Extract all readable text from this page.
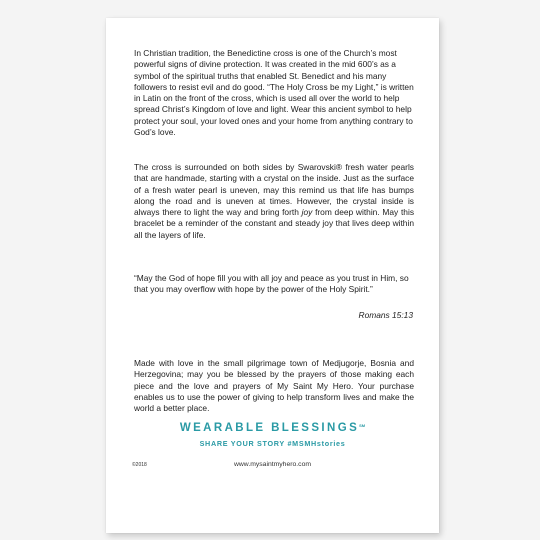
In Christian tradition, the Benedictine cross is one of the Church’s most powerful signs of divine protection. It was created in the mid 600’s as a symbol of the spiritual truths that enabled St. Benedict and his many followers to resist evil and do good. “The Holy Cross be my Light,” is written in Latin on the front of the cross, which is used all over the world to help spread Christ’s Kingdom of love and light. Wear this ancient symbol to help protect your soul, your loved ones and your home from anything contrary to God’s love.

The cross is surrounded on both sides by Swarovski® fresh water pearls that are handmade, starting with a crystal on the inside. Just as the surface of a fresh water pearl is uneven, may this remind us that life has bumps along the road and is uneven at times. However, the crystal inside is always there to light the way and bring forth joy from deep within. May this bracelet be a reminder of the constant and steady joy that lives deep within all the layers of life.

“May the God of hope fill you with all joy and peace as you trust in Him, so that you may overflow with hope by the power of the Holy Spirit.”

Romans 15:13

Made with love in the small pilgrimage town of Medjugorje, Bosnia and Herzegovina; may you be blessed by the prayers of those making each piece and the love and prayers of My Saint My Hero. Your purchase enables us to use the power of giving to help transform lives and make the world a better place.

WEARABLE BLESSINGS℠
SHARE YOUR STORY #MSMHstories
©2018	www.mysaintmyhero.com
